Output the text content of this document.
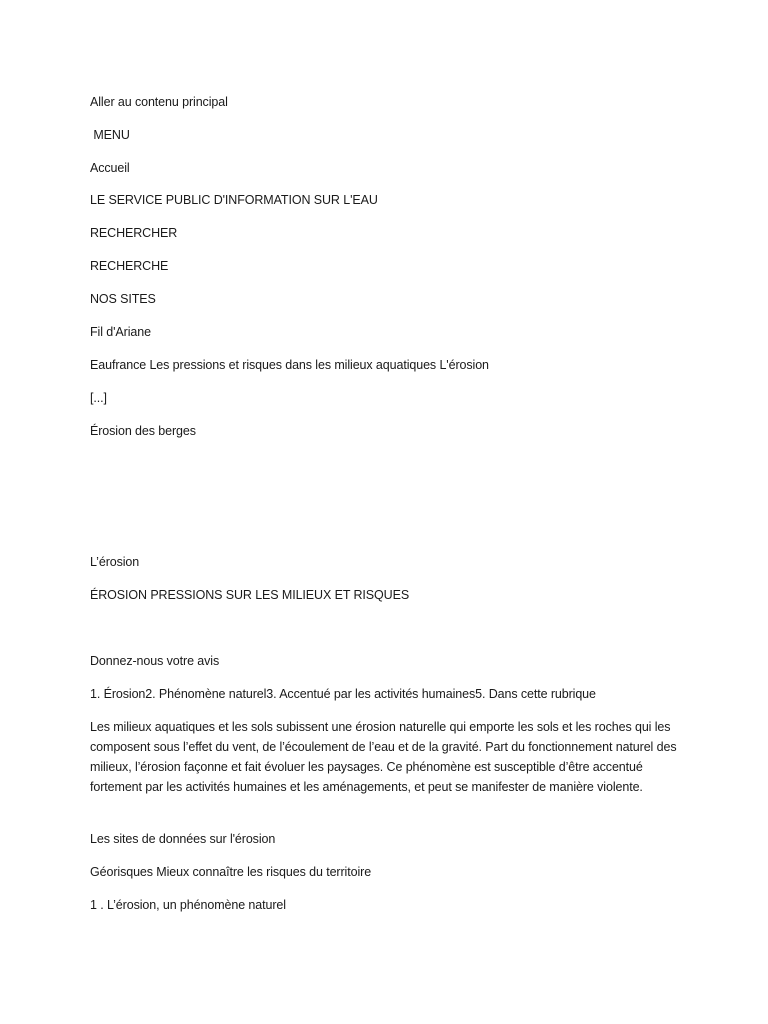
Aller au contenu principal
MENU
Accueil
LE SERVICE PUBLIC D'INFORMATION SUR L'EAU
RECHERCHER
RECHERCHE
NOS SITES
Fil d'Ariane
Eaufrance Les pressions et risques dans les milieux aquatiques L'érosion
[...]
Érosion des berges
L’érosion
ÉROSION PRESSIONS SUR LES MILIEUX ET RISQUES
Donnez-nous votre avis
1. Érosion2. Phénomène naturel3. Accentué par les activités humaines5. Dans cette rubrique
Les milieux aquatiques et les sols subissent une érosion naturelle qui emporte les sols et les roches qui les composent sous l’effet du vent, de l’écoulement de l’eau et de la gravité. Part du fonctionnement naturel des milieux, l’érosion façonne et fait évoluer les paysages. Ce phénomène est susceptible d’être accentué fortement par les activités humaines et les aménagements, et peut se manifester de manière violente.
Les sites de données sur l'érosion
Géorisques Mieux connaître les risques du territoire
1 . L’érosion, un phénomène naturel
